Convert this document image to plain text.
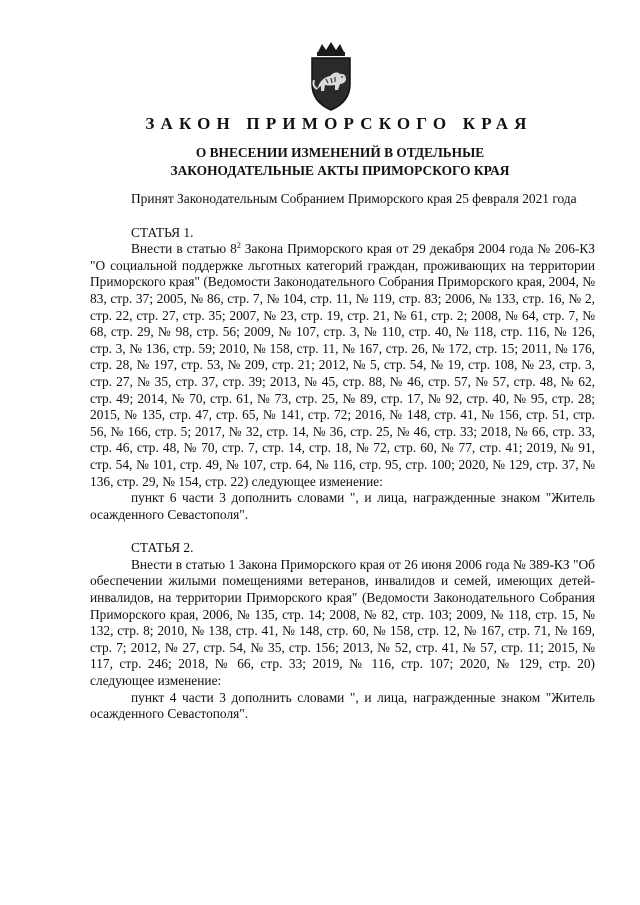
ЗАКОН ПРИМОРСКОГО КРАЯ
О ВНЕСЕНИИ ИЗМЕНЕНИЙ В ОТДЕЛЬНЫЕ
ЗАКОНОДАТЕЛЬНЫЕ АКТЫ ПРИМОРСКОГО КРАЯ

Принят Законодательным Собранием Приморского края 25 февраля 2021 года

СТАТЬЯ 1.

Внести в статью $8^2$ Закона Приморского края от 29 декабря 2004 года № 206-КЗ "О социальной поддержке льготных категорий граждан, проживающих на территории Приморского края" (Ведомости Законодательного Собрания Приморского края, 2004, № 83, стр. 37; 2005, № 86, стр. 7, № 104, стр. 11, № 119, стр. 83; 2006, № 133, стр. 16, № 2, стр. 22, стр. 27, стр. 35; 2007, № 23, стр. 19, стр. 21, № 61, стр. 2; 2008, № 64, стр. 7, № 68, стр. 29, № 98, стр. 56; 2009, № 107, стр. 3, № 110, стр. 40, № 118, стр. 116, № 126, стр. 3, № 136, стр. 59; 2010, № 158, стр. 11, № 167, стр. 26, № 172, стр. 15; 2011, № 176, стр. 28, № 197, стр. 53, № 209, стр. 21; 2012, № 5, стр. 54, № 19, стр. 108, № 23, стр. 3, стр. 27, № 35, стр. 37, стр. 39; 2013, № 45, стр. 88, № 46, стр. 57, № 57, стр. 48, № 62, стр. 49; 2014, № 70, стр. 61, № 73, стр. 25, № 89, стр. 17, № 92, стр. 40, № 95, стр. 28; 2015, № 135, стр. 47, стр. 65, № 141, стр. 72; 2016, № 148, стр. 41, № 156, стр. 51, стр. 56, № 166, стр. 5; 2017, № 32, стр. 14, № 36, стр. 25, № 46, стр. 33; 2018, № 66, стр. 33, стр. 46, стр. 48, № 70, стр. 7, стр. 14, стр. 18, № 72, стр. 60, № 77, стр. 41; 2019, № 91, стр. 54, № 101, стр. 49, № 107, стр. 64, № 116, стр. 95, стр. 100; 2020, № 129, стр. 37, № 136, стр. 29, № 154, стр. 22) следующее изменение:

пункт 6 части 3 дополнить словами ", и лица, награжденные знаком "Житель осажденного Севастополя".

СТАТЬЯ 2.

Внести в статью 1 Закона Приморского края от 26 июня 2006 года № 389-КЗ "Об обеспечении жилыми помещениями ветеранов, инвалидов и семей, имеющих детей-инвалидов, на территории Приморского края" (Ведомости Законодательного Собрания Приморского края, 2006, № 135, стр. 14; 2008, № 82, стр. 103; 2009, № 118, стр. 15, № 132, стр. 8; 2010, № 138, стр. 41, № 148, стр. 60, № 158, стр. 12, № 167, стр. 71, № 169, стр. 7; 2012, № 27, стр. 54, № 35, стр. 156; 2013, № 52, стр. 41, № 57, стр. 11; 2015, № 117, стр. 246; 2018, № 66, стр. 33; 2019, № 116, стр. 107; 2020, № 129, стр. 20) следующее изменение:

пункт 4 части 3 дополнить словами ", и лица, награжденные знаком "Житель осажденного Севастополя".
